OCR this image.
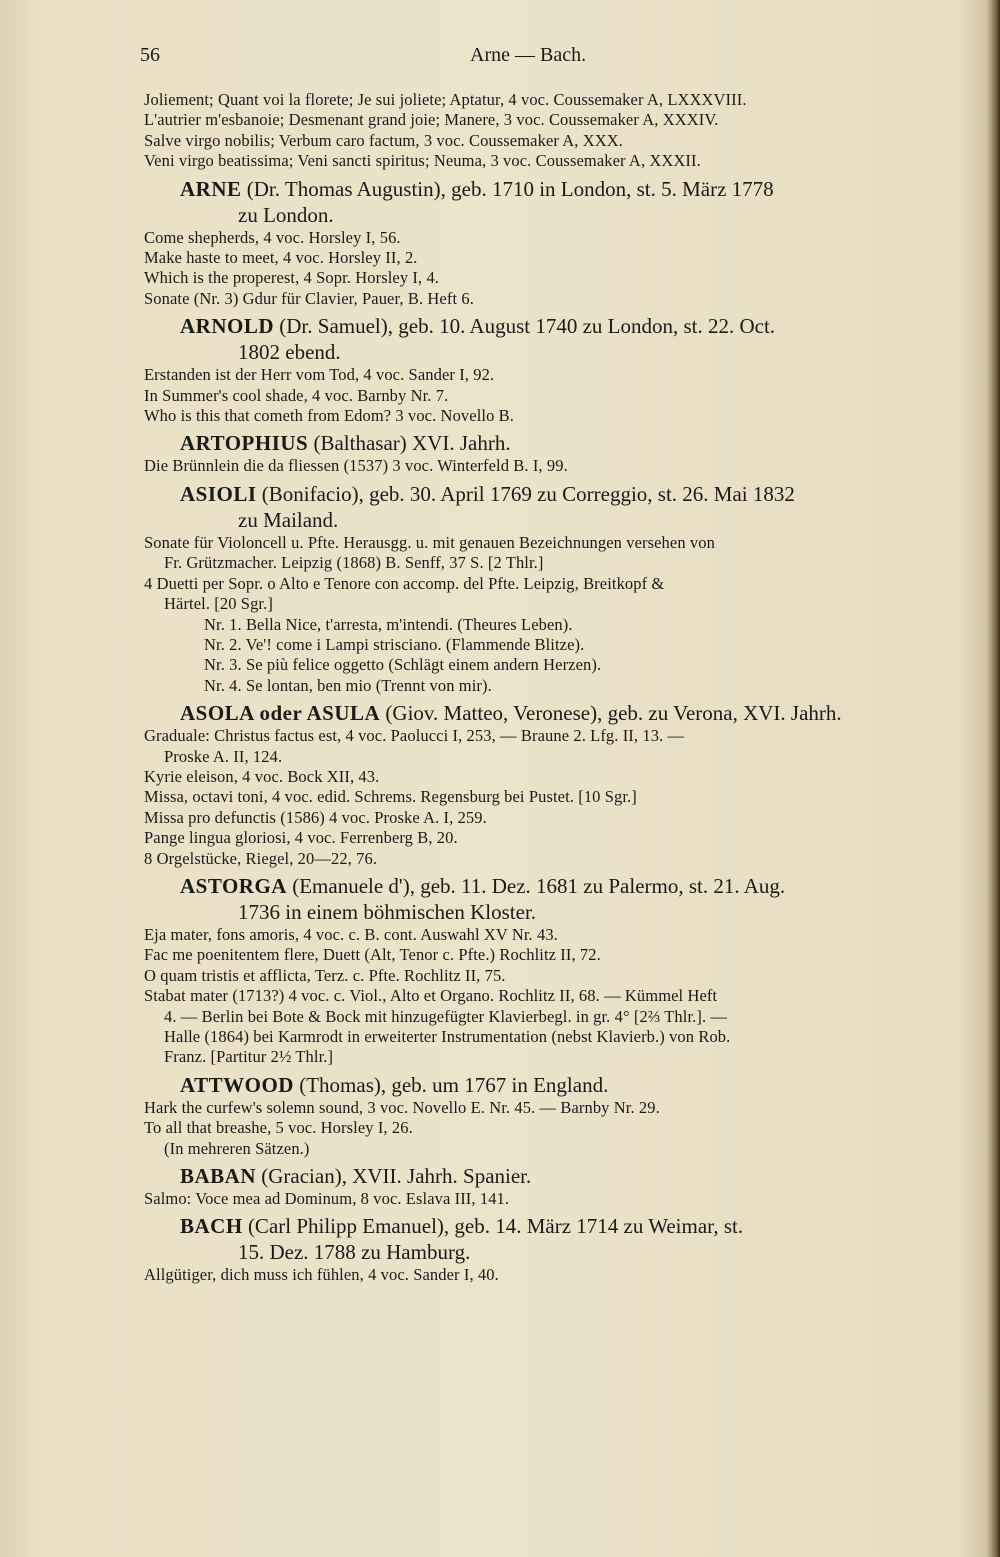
56	Arne — Bach.
Joliement; Quant voi la florete; Je sui joliete; Aptatur, 4 voc. Coussemaker A, LXXXVIII.
L'autrier m'esbanoie; Desmenant grand joie; Manere, 3 voc. Coussemaker A, XXXIV.
Salve virgo nobilis; Verbum caro factum, 3 voc. Coussemaker A, XXX.
Veni virgo beatissima; Veni sancti spiritus; Neuma, 3 voc. Coussemaker A, XXXII.
ARNE (Dr. Thomas Augustin), geb. 1710 in London, st. 5. März 1778
zu London.
Come shepherds, 4 voc. Horsley I, 56.
Make haste to meet, 4 voc. Horsley II, 2.
Which is the properest, 4 Sopr. Horsley I, 4.
Sonate (Nr. 3) Gdur für Clavier, Pauer, B. Heft 6.
ARNOLD (Dr. Samuel), geb. 10. August 1740 zu London, st. 22. Oct.
1802 ebend.
Erstanden ist der Herr vom Tod, 4 voc. Sander I, 92.
In Summer's cool shade, 4 voc. Barnby Nr. 7.
Who is this that cometh from Edom? 3 voc. Novello B.
ARTOPHIUS (Balthasar) XVI. Jahrh.
Die Brünnlein die da fliessen (1537) 3 voc. Winterfeld B. I, 99.
ASIOLI (Bonifacio), geb. 30. April 1769 zu Correggio, st. 26. Mai 1832
zu Mailand.
Sonate für Violoncell u. Pfte. Herausgg. u. mit genauen Bezeichnungen versehen von
Fr. Grützmacher. Leipzig (1868) B. Senff, 37 S. [2 Thlr.]
4 Duetti per Sopr. o Alto e Tenore con accomp. del Pfte. Leipzig, Breitkopf &
Härtel. [20 Sgr.]
Nr. 1. Bella Nice, t'arresta, m'intendi. (Theures Leben).
Nr. 2. Ve'! come i Lampi strisciano. (Flammende Blitze).
Nr. 3. Se più felice oggetto (Schlägt einem andern Herzen).
Nr. 4. Se lontan, ben mio (Trennt von mir).
ASOLA oder ASULA (Giov. Matteo, Veronese), geb. zu Verona, XVI. Jahrh.
Graduale: Christus factus est, 4 voc. Paolucci I, 253, — Braune 2. Lfg. II, 13. —
Proske A. II, 124.
Kyrie eleison, 4 voc. Bock XII, 43.
Missa, octavi toni, 4 voc. edid. Schrems. Regensburg bei Pustet. [10 Sgr.]
Missa pro defunctis (1586) 4 voc. Proske A. I, 259.
Pange lingua gloriosi, 4 voc. Ferrenberg B, 20.
8 Orgelstücke, Riegel, 20—22, 76.
ASTORGA (Emanuele d'), geb. 11. Dez. 1681 zu Palermo, st. 21. Aug.
1736 in einem böhmischen Kloster.
Eja mater, fons amoris, 4 voc. c. B. cont. Auswahl XV Nr. 43.
Fac me poenitentem flere, Duett (Alt, Tenor c. Pfte.) Rochlitz II, 72.
O quam tristis et afflicta, Terz. c. Pfte. Rochlitz II, 75.
Stabat mater (1713?) 4 voc. c. Viol., Alto et Organo. Rochlitz II, 68. — Kümmel Heft
4. — Berlin bei Bote & Bock mit hinzugefügter Klavierbegl. in gr. 4° [2⅔ Thlr.]. —
Halle (1864) bei Karmrodt in erweiterter Instrumentation (nebst Klavierb.) von Rob.
Franz. [Partitur 2½ Thlr.]
ATTWOOD (Thomas), geb. um 1767 in England.
Hark the curfew's solemn sound, 3 voc. Novello E. Nr. 45. — Barnby Nr. 29.
To all that breashe, 5 voc. Horsley I, 26.
(In mehreren Sätzen.)
BABAN (Gracian), XVII. Jahrh. Spanier.
Salmo: Voce mea ad Dominum, 8 voc. Eslava III, 141.
BACH (Carl Philipp Emanuel), geb. 14. März 1714 zu Weimar, st.
15. Dez. 1788 zu Hamburg.
Allgütiger, dich muss ich fühlen, 4 voc. Sander I, 40.
